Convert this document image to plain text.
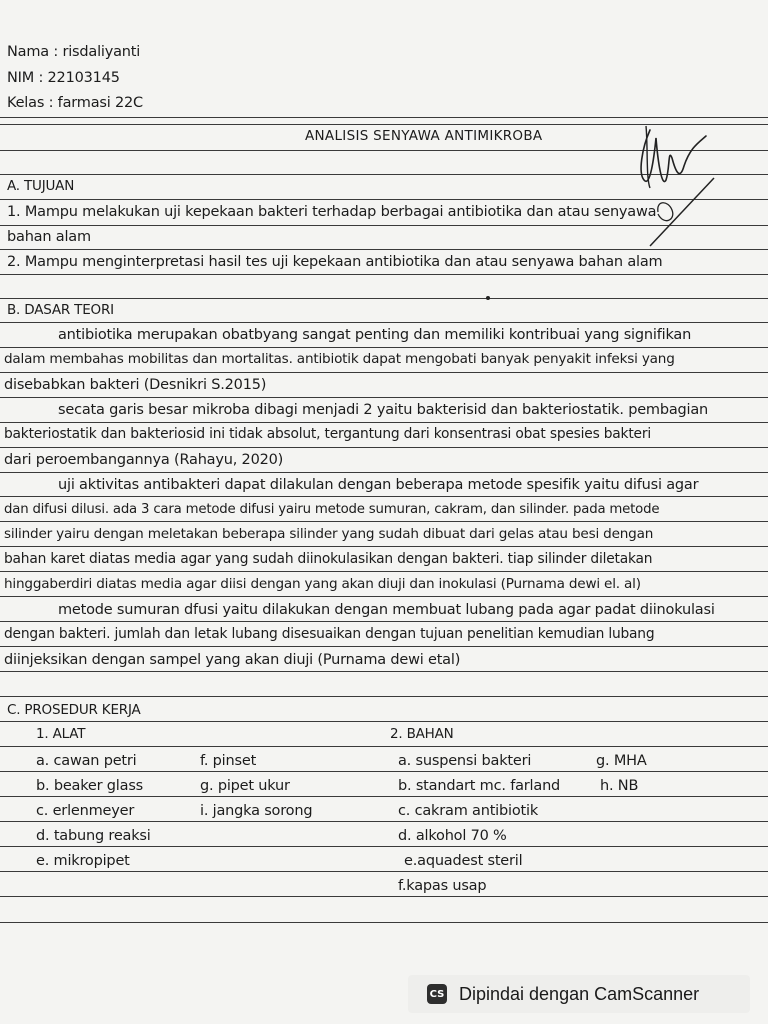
Nama : risdaliyanti
NIM : 22103145
Kelas : farmasi 22C
ANALISIS SENYAWA ANTIMIKROBA
A. TUJUAN
1. Mampu melakukan uji kepekaan bakteri terhadap berbagai antibiotika dan atau senyawa
bahan alam
2. Mampu menginterpretasi hasil tes uji kepekaan antibiotika dan atau senyawa bahan alam
B. DASAR TEORI
antibiotika merupakan obatbyang sangat penting dan memiliki kontribuai yang signifikan
dalam membahas mobilitas dan mortalitas. antibiotik dapat mengobati banyak penyakit infeksi yang
disebabkan bakteri (Desnikri S.2015)
secata garis besar mikroba dibagi menjadi 2 yaitu bakterisid dan bakteriostatik. pembagian
bakteriostatik dan bakteriosid ini tidak absolut, tergantung dari konsentrasi obat spesies bakteri
dari peroembangannya (Rahayu, 2020)
uji aktivitas antibakteri dapat dilakulan dengan beberapa metode spesifik yaitu difusi agar
dan difusi dilusi. ada 3 cara metode difusi yairu metode sumuran, cakram, dan silinder. pada metode
silinder yairu dengan meletakan beberapa silinder yang sudah dibuat dari gelas atau besi dengan
bahan karet diatas media agar yang sudah diinokulasikan dengan bakteri. tiap silinder diletakan
hinggaberdiri diatas media agar diisi dengan yang akan diuji dan inokulasi (Purnama dewi el. al)
metode sumuran dfusi yaitu dilakukan dengan membuat lubang pada agar padat diinokulasi
dengan bakteri. jumlah dan letak lubang disesuaikan dengan tujuan penelitian kemudian lubang
diinjeksikan dengan sampel yang akan diuji (Purnama dewi etal)
C. PROSEDUR KERJA
1. ALAT	2. BAHAN
a. cawan petri
b. beaker glass
c. erlenmeyer
d. tabung reaksi
e. mikropipet
f. pinset
g. pipet ukur
i. jangka sorong
a. suspensi bakteri
b. standart mc. farland
c. cakram antibiotik
d. alkohol 70 %
e.aquadest steril
f.kapas usap
g. MHA
h. NB
CS Dipindai dengan CamScanner
